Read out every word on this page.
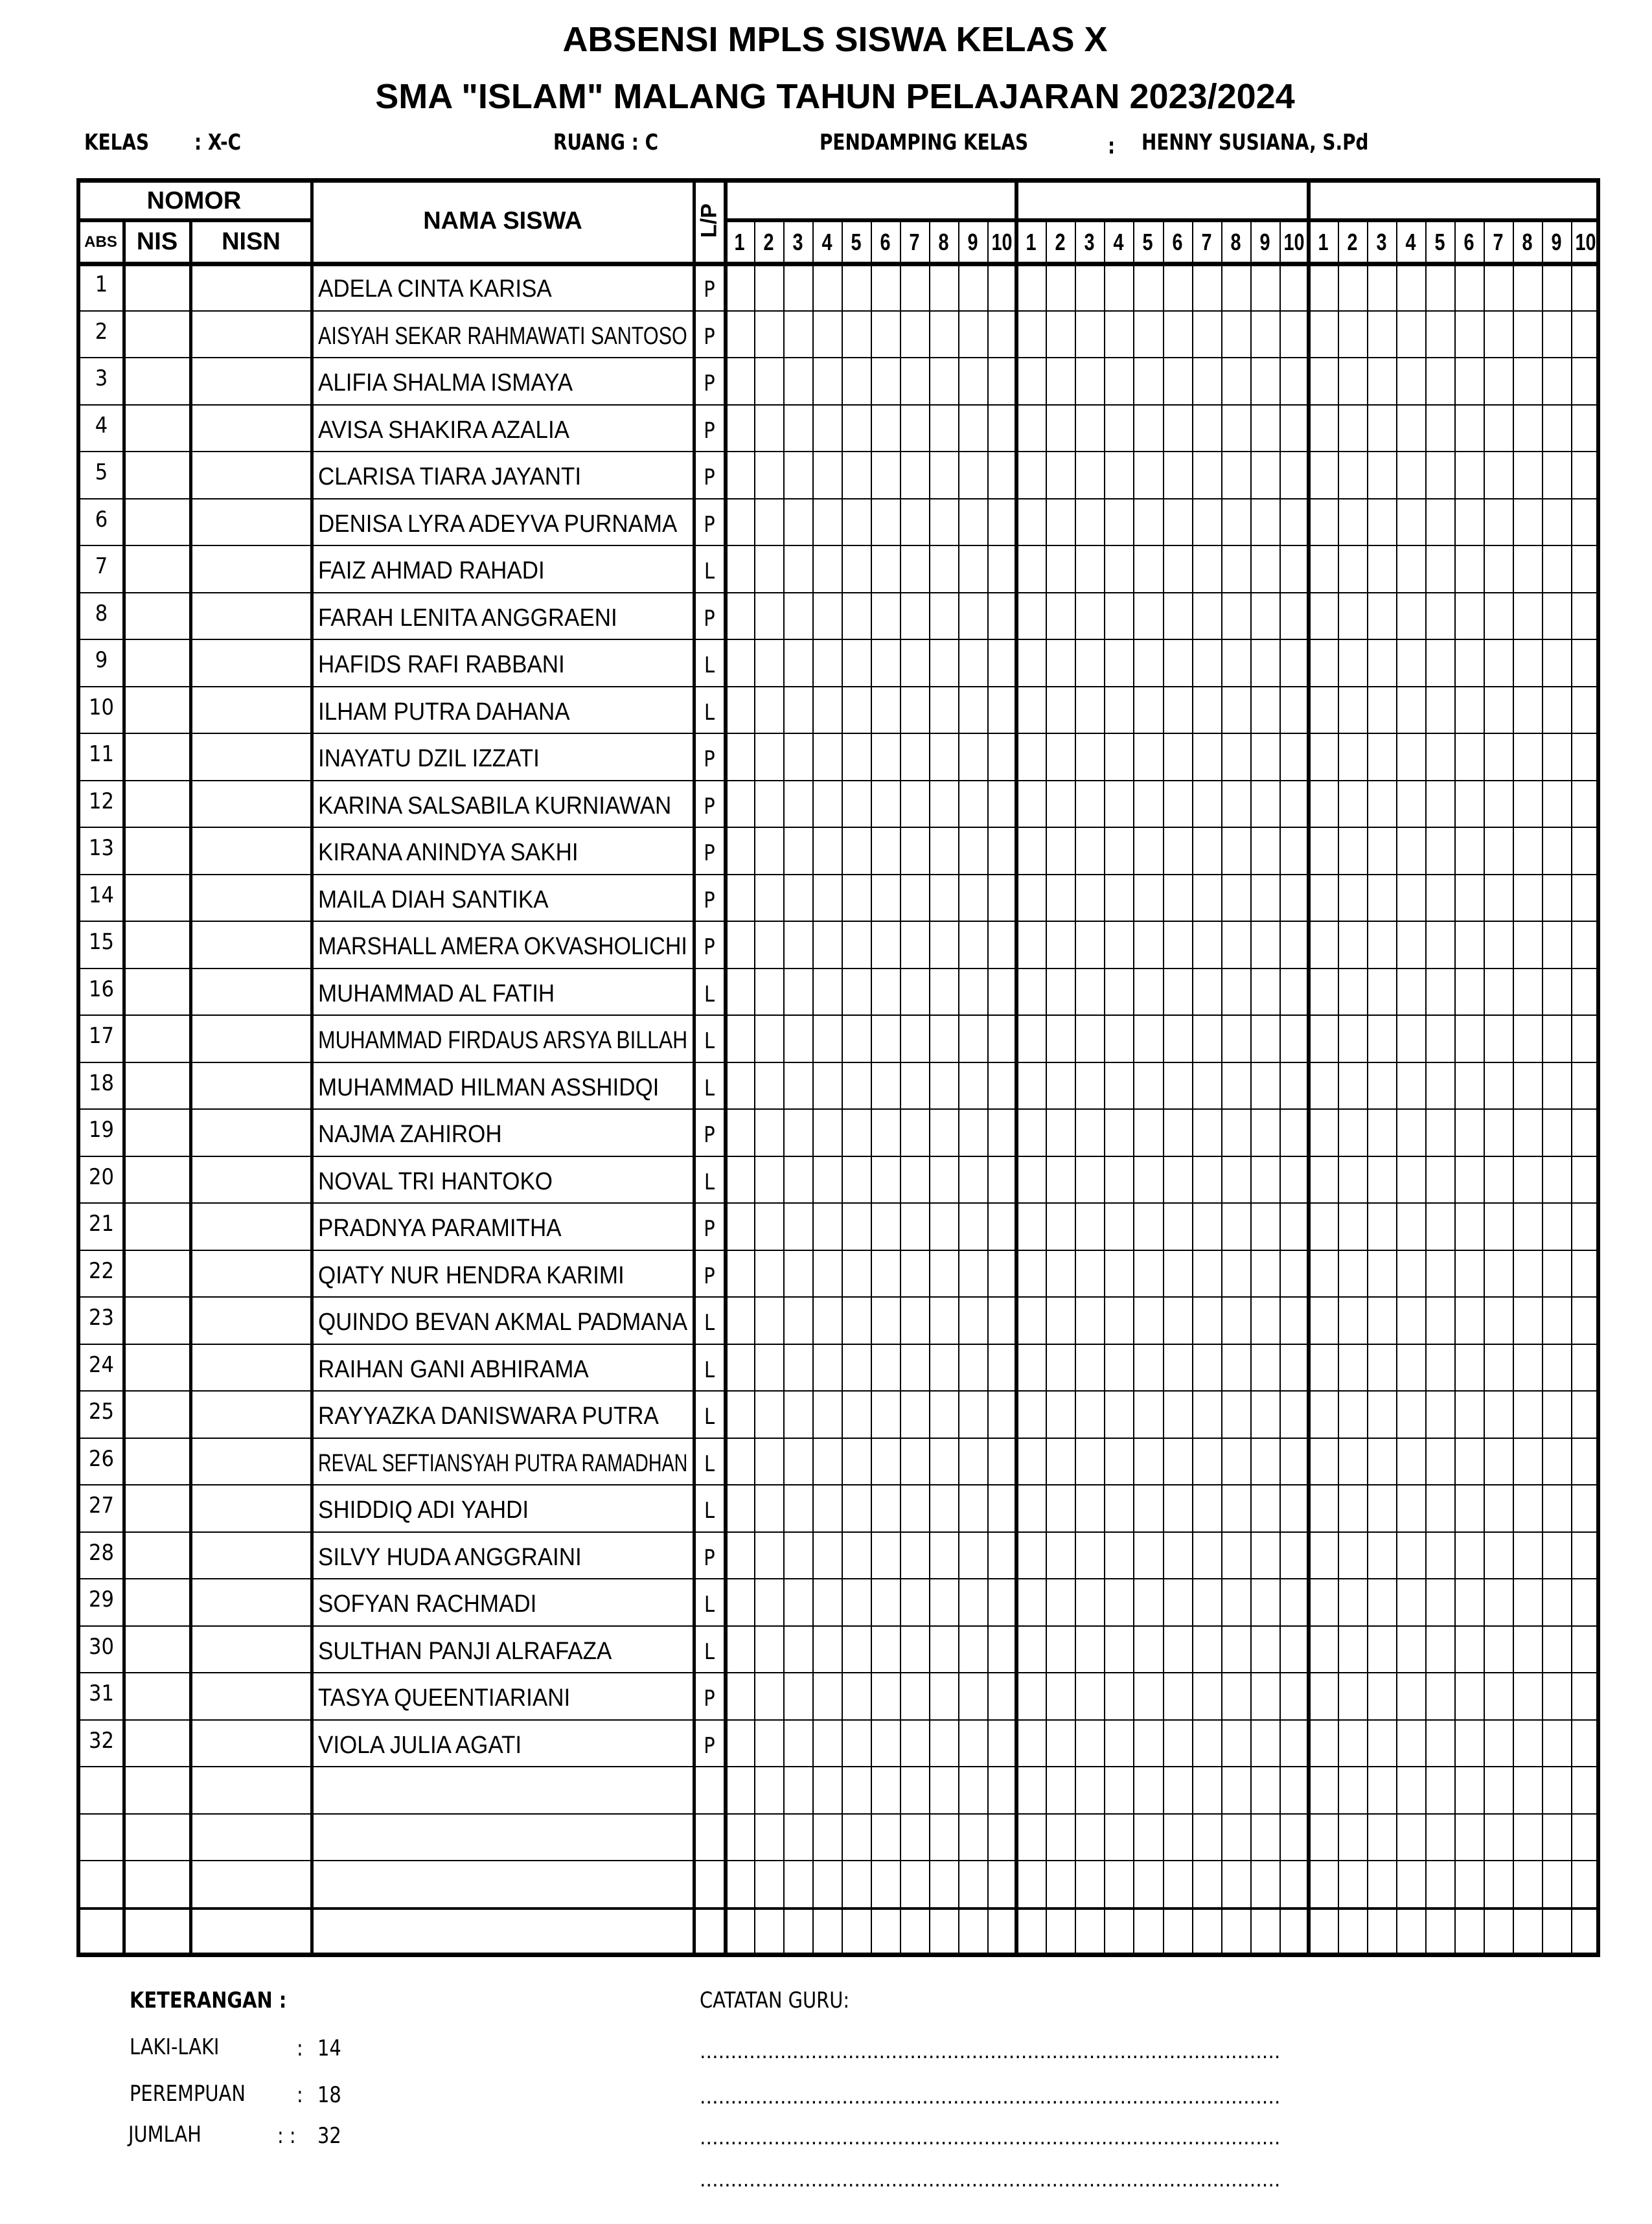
ABSENSI MPLS SISWA KELAS X
SMA "ISLAM" MALANG TAHUN PELAJARAN 2023/2024
KELAS : X-C	RUANG : C	PENDAMPING KELAS	: HENNY SUSIANA, S.Pd
1 2 3 4 5 6 7 8 9 10 1 2 3 4 5 6 7 8 9 10 1 2 3 4 5 6 7 8 9 10
NOMOR
ABS NIS	NISN
NAMA SISWA	L/P
1	ADELA CINTA KARISA	P
2	AISYAH SEKAR RAHMAWATI SANTOSO P
3	ALIFIA SHALMA ISMAYA	P
4	AVISA SHAKIRA AZALIA	P
5	CLARISA TIARA JAYANTI	P
6	DENISA LYRA ADEYVA PURNAMA P
7	FAIZ AHMAD RAHADI	L
8	FARAH LENITA ANGGRAENI	P
9	HAFIDS RAFI RABBANI	L
10	ILHAM PUTRA DAHANA	L
11	INAYATU DZIL IZZATI	P
12	KARINA SALSABILA KURNIAWAN P
13	KIRANA ANINDYA SAKHI	P
14	MAILA DIAH SANTIKA	P
15	MARSHALL AMERA OKVASHOLICHI P
16	MUHAMMAD AL FATIH	L
17	MUHAMMAD FIRDAUS ARSYA BILLAH L
18	MUHAMMAD HILMAN ASSHIDQI	L
19	NAJMA ZAHIROH	P
20	NOVAL TRI HANTOKO	L
21	PRADNYA PARAMITHA	P
22	QIATY NUR HENDRA KARIMI	P
23	QUINDO BEVAN AKMAL PADMANA L
24	RAIHAN GANI ABHIRAMA	L
25	RAYYAZKA DANISWARA PUTRA	L
26	REVAL SEFTIANSYAH PUTRA RAMADHAN L
27	SHIDDIQ ADI YAHDI	L
28	SILVY HUDA ANGGRAINI	P
29	SOFYAN RACHMADI	L
30	SULTHAN PANJI ALRAFAZA	L
31	TASYA QUEENTIARIANI	P
32	VIOLA JULIA AGATI	P
KETERANGAN :
LAKI-LAKI	: 14
PEREMPUAN : 18
JUMLAH	: : 32
CATATAN GURU:
..............................................................................................
..............................................................................................
..............................................................................................
..............................................................................................
